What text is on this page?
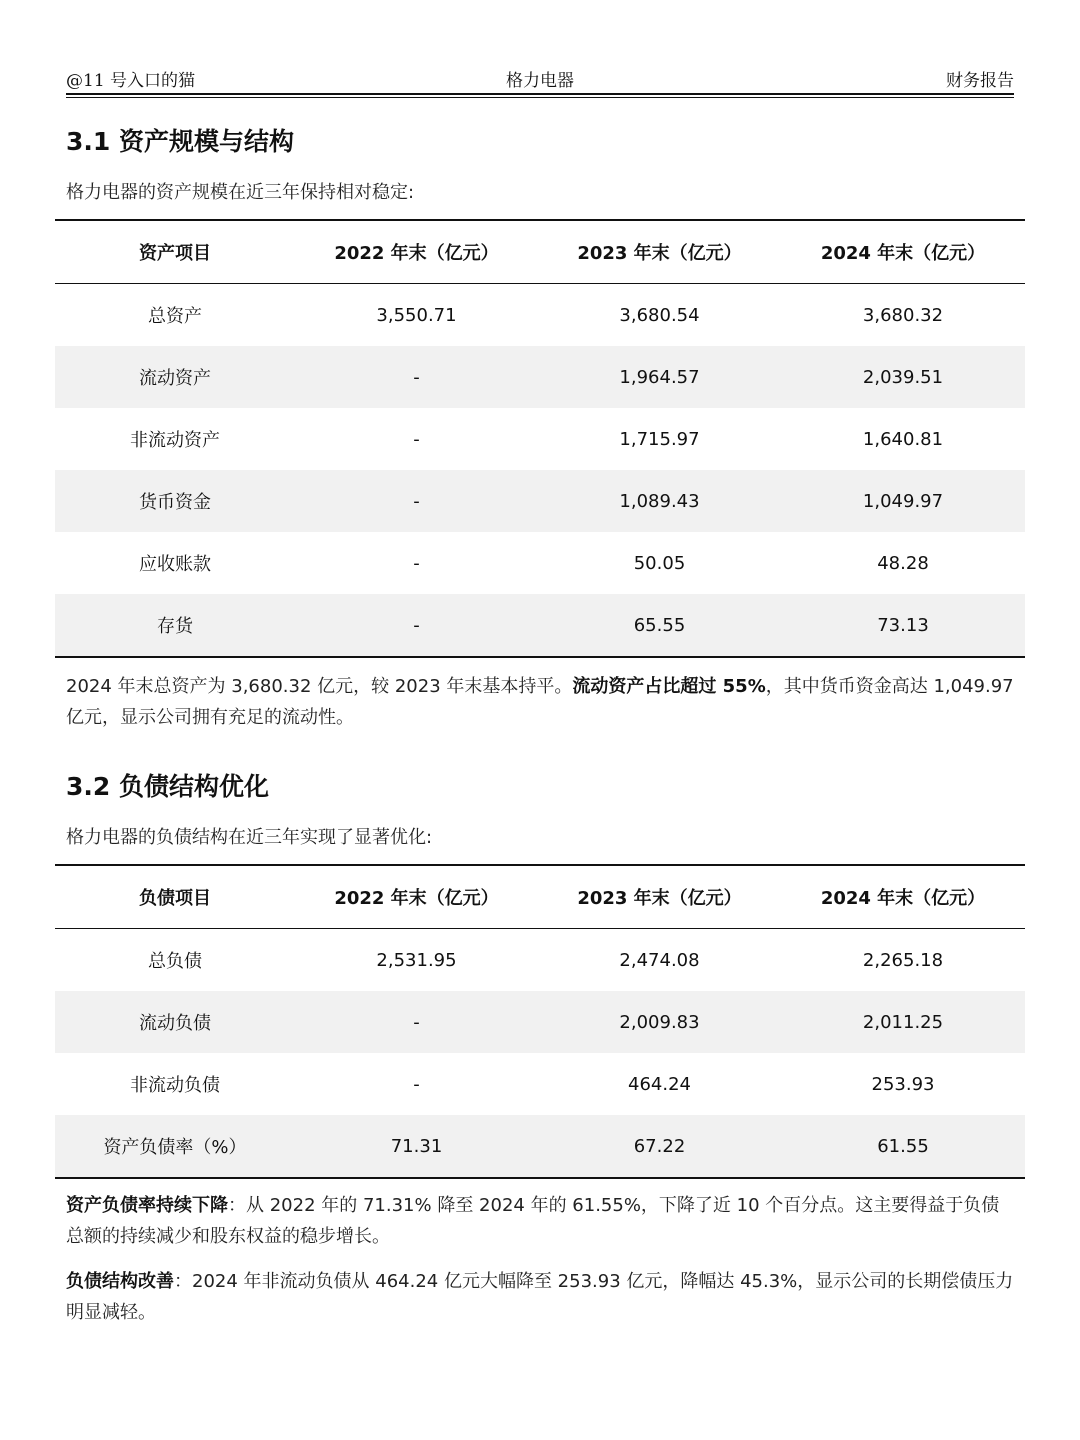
@11 号入口的猫	格力电器	财务报告
3.1 资产规模与结构
格力电器的资产规模在近三年保持相对稳定:
资产项目	2022 年末（亿元）	2023 年末（亿元）	2024 年末（亿元）
总资产	3,550.71	3,680.54	3,680.32
流动资产	-	1,964.57	2,039.51
非流动资产	-	1,715.97	1,640.81
货币资金	-	1,089.43	1,049.97
应收账款	-	50.05	48.28
存货	-	65.55	73.13
2024 年末总资产为 3,680.32 亿元，较 2023 年末基本持平。流动资产占比超过 55%，其中货币资金高达 1,049.97 亿元，显示公司拥有充足的流动性。
3.2 负债结构优化
格力电器的负债结构在近三年实现了显著优化:
负债项目	2022 年末（亿元）	2023 年末（亿元）	2024 年末（亿元）
总负债	2,531.95	2,474.08	2,265.18
流动负债	-	2,009.83	2,011.25
非流动负债	-	464.24	253.93
资产负债率（%）	71.31	67.22	61.55
资产负债率持续下降：从 2022 年的 71.31% 降至 2024 年的 61.55%，下降了近 10 个百分点。这主要得益于负债总额的持续减少和股东权益的稳步增长。
负债结构改善：2024 年非流动负债从 464.24 亿元大幅降至 253.93 亿元，降幅达 45.3%，显示公司的长期偿债压力明显减轻。
